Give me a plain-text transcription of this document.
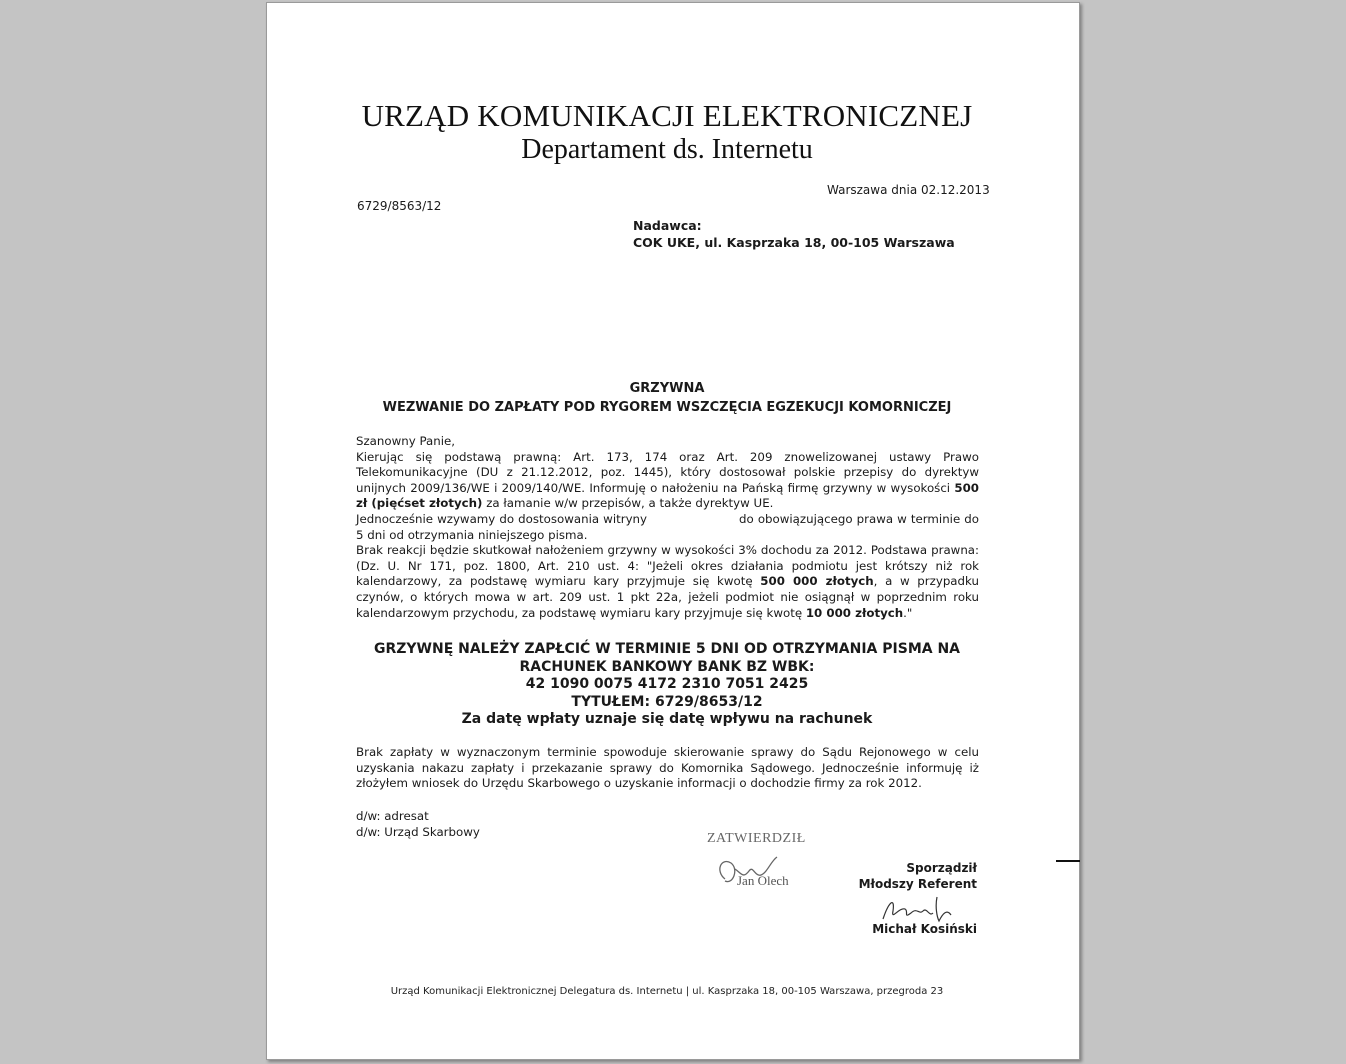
URZĄD KOMUNIKACJI ELEKTRONICZNEJ
Departament ds. Internetu
Warszawa dnia 02.12.2013
6729/8563/12
Nadawca:
COK UKE, ul. Kasprzaka 18, 00-105 Warszawa
GRZYWNA
WEZWANIE DO ZAPŁATY POD RYGOREM WSZCZĘCIA EGZEKUCJI KOMORNICZEJ
Szanowny Panie,
Kierując się podstawą prawną: Art. 173, 174 oraz Art. 209 znowelizowanej ustawy Prawo Telekomunikacyjne (DU z 21.12.2012, poz. 1445), który dostosował polskie przepisy do dyrektyw unijnych 2009/136/WE i 2009/140/WE. Informuję o nałożeniu na Pańską firmę grzywny w wysokości 500 zł (pięćset złotych) za łamanie w/w przepisów, a także dyrektyw UE.
Jednocześnie wzywamy do dostosowania witryny	do obowiązującego prawa w terminie do 5 dni od otrzymania niniejszego pisma.
Brak reakcji będzie skutkował nałożeniem grzywny w wysokości 3% dochodu za 2012. Podstawa prawna: (Dz. U. Nr 171, poz. 1800, Art. 210 ust. 4: "Jeżeli okres działania podmiotu jest krótszy niż rok kalendarzowy, za podstawę wymiaru kary przyjmuje się kwotę 500 000 złotych, a w przypadku czynów, o których mowa w art. 209 ust. 1 pkt 22a, jeżeli podmiot nie osiągnął w poprzednim roku kalendarzowym przychodu, za podstawę wymiaru kary przyjmuje się kwotę 10 000 złotych."
GRZYWNĘ NALEŻY ZAPŁCIĆ W TERMINIE 5 DNI OD OTRZYMANIA PISMA NA
RACHUNEK BANKOWY BANK BZ WBK:
42 1090 0075 4172 2310 7051 2425
TYTUŁEM: 6729/8653/12
Za datę wpłaty uznaje się datę wpływu na rachunek
Brak zapłaty w wyznaczonym terminie spowoduje skierowanie sprawy do Sądu Rejonowego w celu uzyskania nakazu zapłaty i przekazanie sprawy do Komornika Sądowego. Jednocześnie informuję iż złożyłem wniosek do Urzędu Skarbowego o uzyskanie informacji o dochodzie firmy za rok 2012.
d/w: adresat
d/w: Urząd Skarbowy	ZATWIERDZIŁ
Jan Olech
Sporządził
Młodszy Referent
Michał Kosiński
Urząd Komunikacji Elektronicznej Delegatura ds. Internetu | ul. Kasprzaka 18, 00-105 Warszawa, przegroda 23
